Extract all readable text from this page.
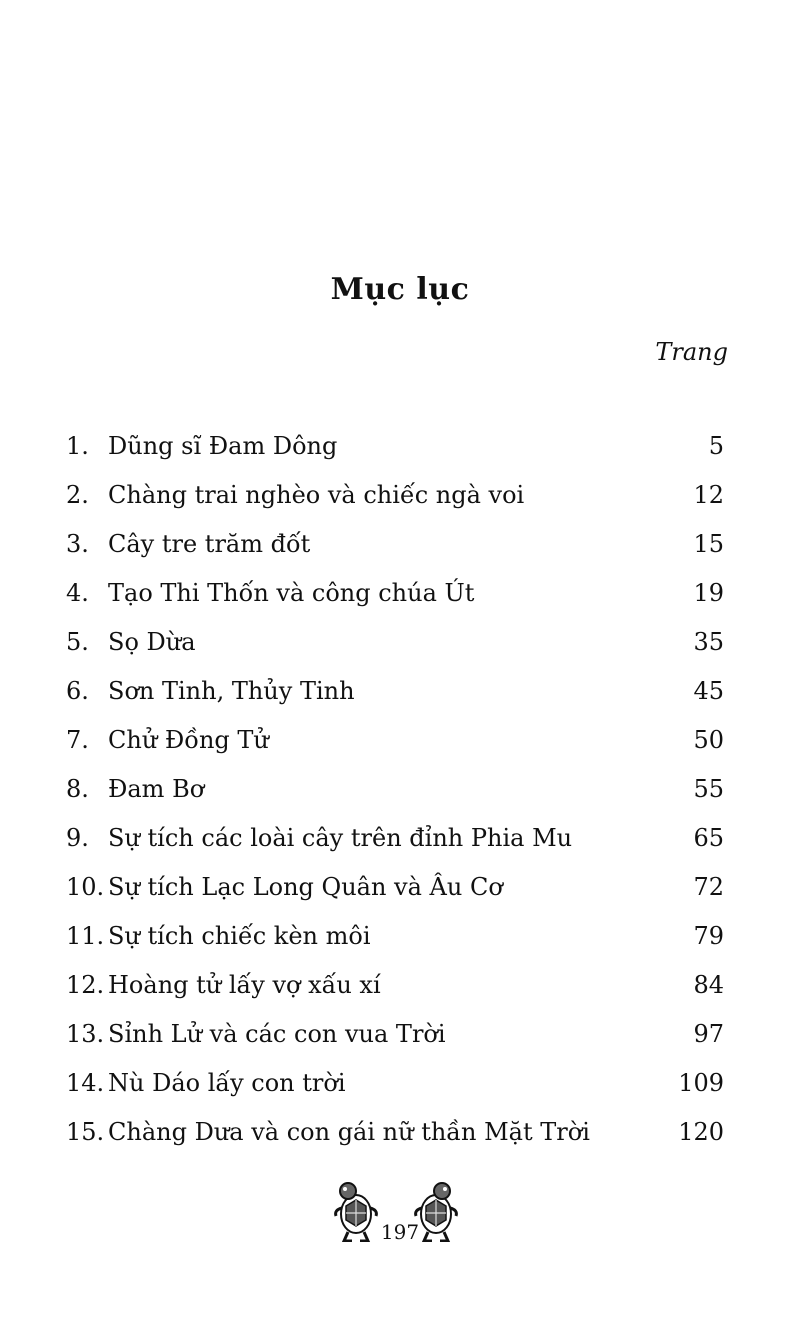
Mục lục
Trang
1. Dũng sĩ Đam Dông	5
2. Chàng trai nghèo và chiếc ngà voi	12
3. Cây tre trăm đốt	15
4. Tạo Thi Thốn và công chúa Út	19
5. Sọ Dừa	35
6. Sơn Tinh, Thủy Tinh	45
7. Chử Đồng Tử	50
8. Đam Bơ	55
9. Sự tích các loài cây trên đỉnh Phia Mu	65
10. Sự tích Lạc Long Quân và Âu Cơ	72
11. Sự tích chiếc kèn môi	79
12. Hoàng tử lấy vợ xấu xí	84
13. Sỉnh Lử và các con vua Trời	97
14. Nù Dáo lấy con trời	109
15. Chàng Dưa và con gái nữ thần Mặt Trời	120
197
